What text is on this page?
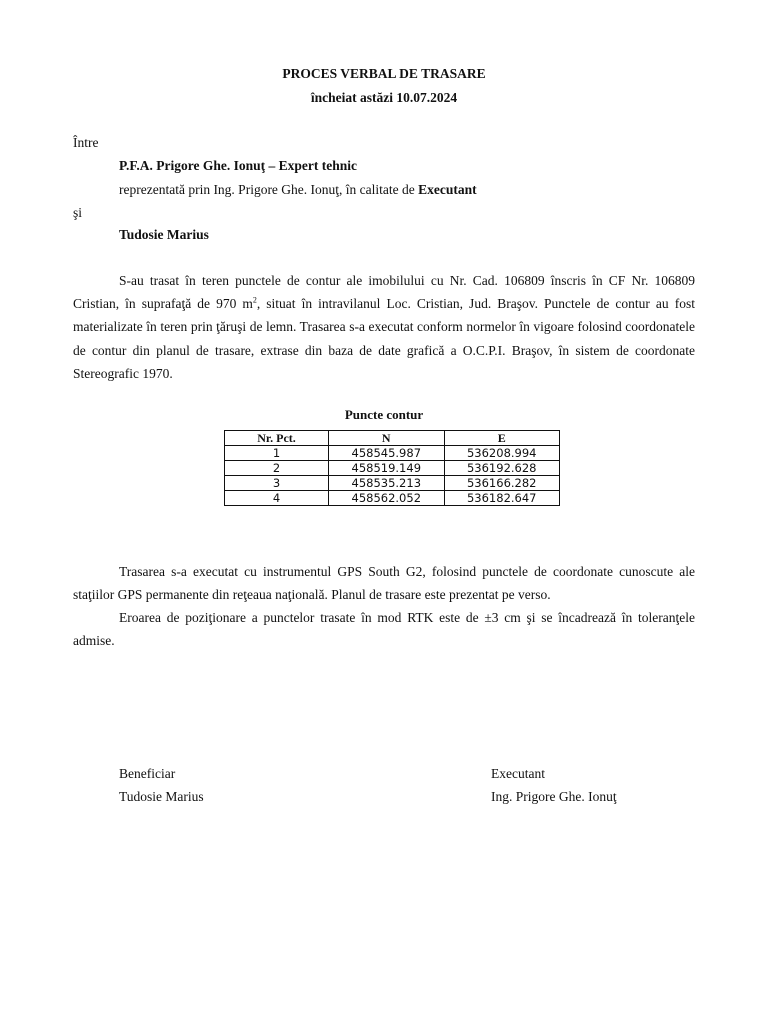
PROCES VERBAL DE TRASARE
încheiat astăzi 10.07.2024
Între
P.F.A. Prigore Ghe. Ionuţ – Expert tehnic
reprezentată prin Ing. Prigore Ghe. Ionuţ, în calitate de Executant
şi
Tudosie Marius
S-au trasat în teren punctele de contur ale imobilului cu Nr. Cad. 106809 înscris în CF Nr. 106809 Cristian, în suprafaţă de 970 $m^2$, situat în intravilanul Loc. Cristian, Jud. Braşov. Punctele de contur au fost materializate în teren prin ţăruşi de lemn. Trasarea s-a executat conform normelor în vigoare folosind coordonatele de contur din planul de trasare, extrase din baza de date grafică a O.C.P.I. Braşov, în sistem de coordonate Stereografic 1970.
Puncte contur
Nr. Pct.	N	E
1	458545.987	536208.994
2	458519.149	536192.628
3	458535.213	536166.282
4	458562.052	536182.647
Trasarea s-a executat cu instrumentul GPS South G2, folosind punctele de coordonate cunoscute ale staţiilor GPS permanente din reţeaua naţională. Planul de trasare este prezentat pe verso.
Eroarea de poziţionare a punctelor trasate în mod RTK este de ±3 cm şi se încadrează în toleranţele admise.
Beneficiar
Tudosie Marius
Executant
Ing. Prigore Ghe. Ionuţ
